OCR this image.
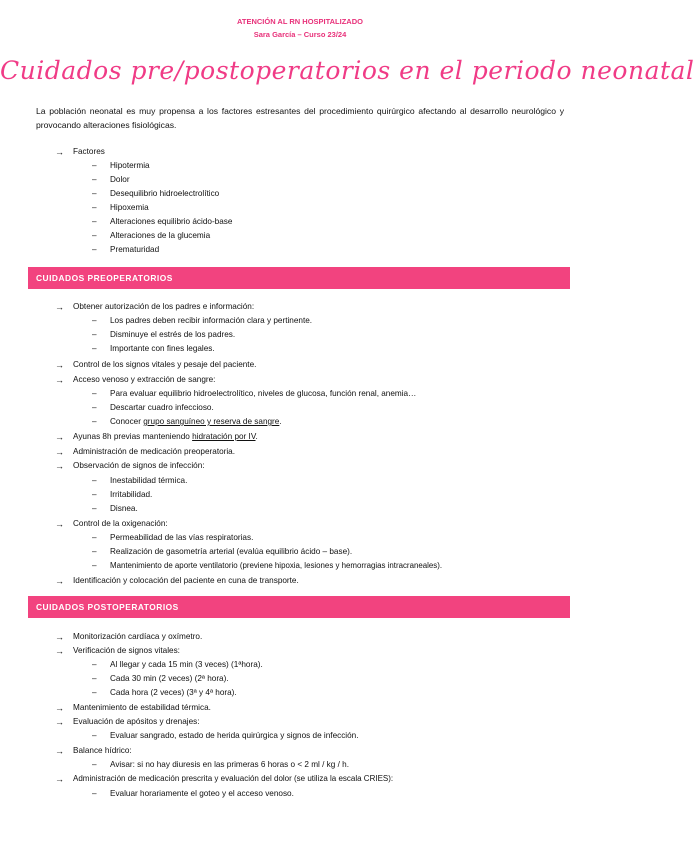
ATENCIÓN AL RN HOSPITALIZADO
Sara García – Curso 23/24
Cuidados pre/postoperatorios en el periodo neonatal
La población neonatal es muy propensa a los factores estresantes del procedimiento quirúrgico afectando al desarrollo neurológico y provocando alteraciones fisiológicas.
→ Factores
– Hipotermia
– Dolor
– Desequilibrio hidroelectrolítico
– Hipoxemia
– Alteraciones equilibrio ácido-base
– Alteraciones de la glucemia
– Prematuridad
CUIDADOS PREOPERATORIOS
→ Obtener autorización de los padres e información:
– Los padres deben recibir información clara y pertinente.
– Disminuye el estrés de los padres.
– Importante con fines legales.
→ Control de los signos vitales y pesaje del paciente.
→ Acceso venoso y extracción de sangre:
– Para evaluar equilibrio hidroelectrolítico, niveles de glucosa, función renal, anemia…
– Descartar cuadro infeccioso.
– Conocer grupo sanguíneo y reserva de sangre.
→ Ayunas 8h previas manteniendo hidratación por IV.
→ Administración de medicación preoperatoria.
→ Observación de signos de infección:
– Inestabilidad térmica.
– Irritabilidad.
– Disnea.
→ Control de la oxigenación:
– Permeabilidad de las vías respiratorias.
– Realización de gasometría arterial (evalúa equilibrio ácido – base).
– Mantenimiento de aporte ventilatorio (previene hipoxia, lesiones y hemorragias intracraneales).
→ Identificación y colocación del paciente en cuna de transporte.
CUIDADOS POSTOPERATORIOS
→ Monitorización cardíaca y oxímetro.
→ Verificación de signos vitales:
– Al llegar y cada 15 min (3 veces) (1ªhora).
– Cada 30 min (2 veces) (2ª hora).
– Cada hora (2 veces) (3ª y 4ª hora).
→ Mantenimiento de estabilidad térmica.
→ Evaluación de apósitos y drenajes:
– Evaluar sangrado, estado de herida quirúrgica y signos de infección.
→ Balance hídrico:
– Avisar: si no hay diuresis en las primeras 6 horas o < 2 ml / kg / h.
→ Administración de medicación prescrita y evaluación del dolor (se utiliza la escala CRIES):
– Evaluar horariamente el goteo y el acceso venoso.
